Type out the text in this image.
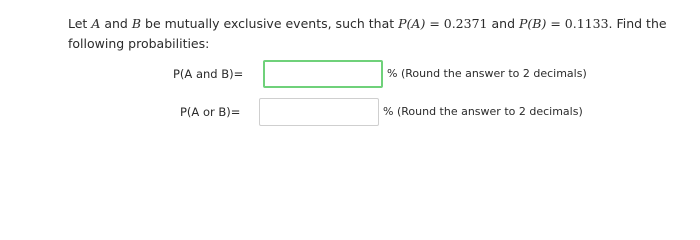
Let A and B be mutually exclusive events, such that P(A) = 0.2371 and P(B) = 0.1133. Find the
following probabilities:
P(A and B)=	% (Round the answer to 2 decimals)
P(A or B)=	% (Round the answer to 2 decimals)
